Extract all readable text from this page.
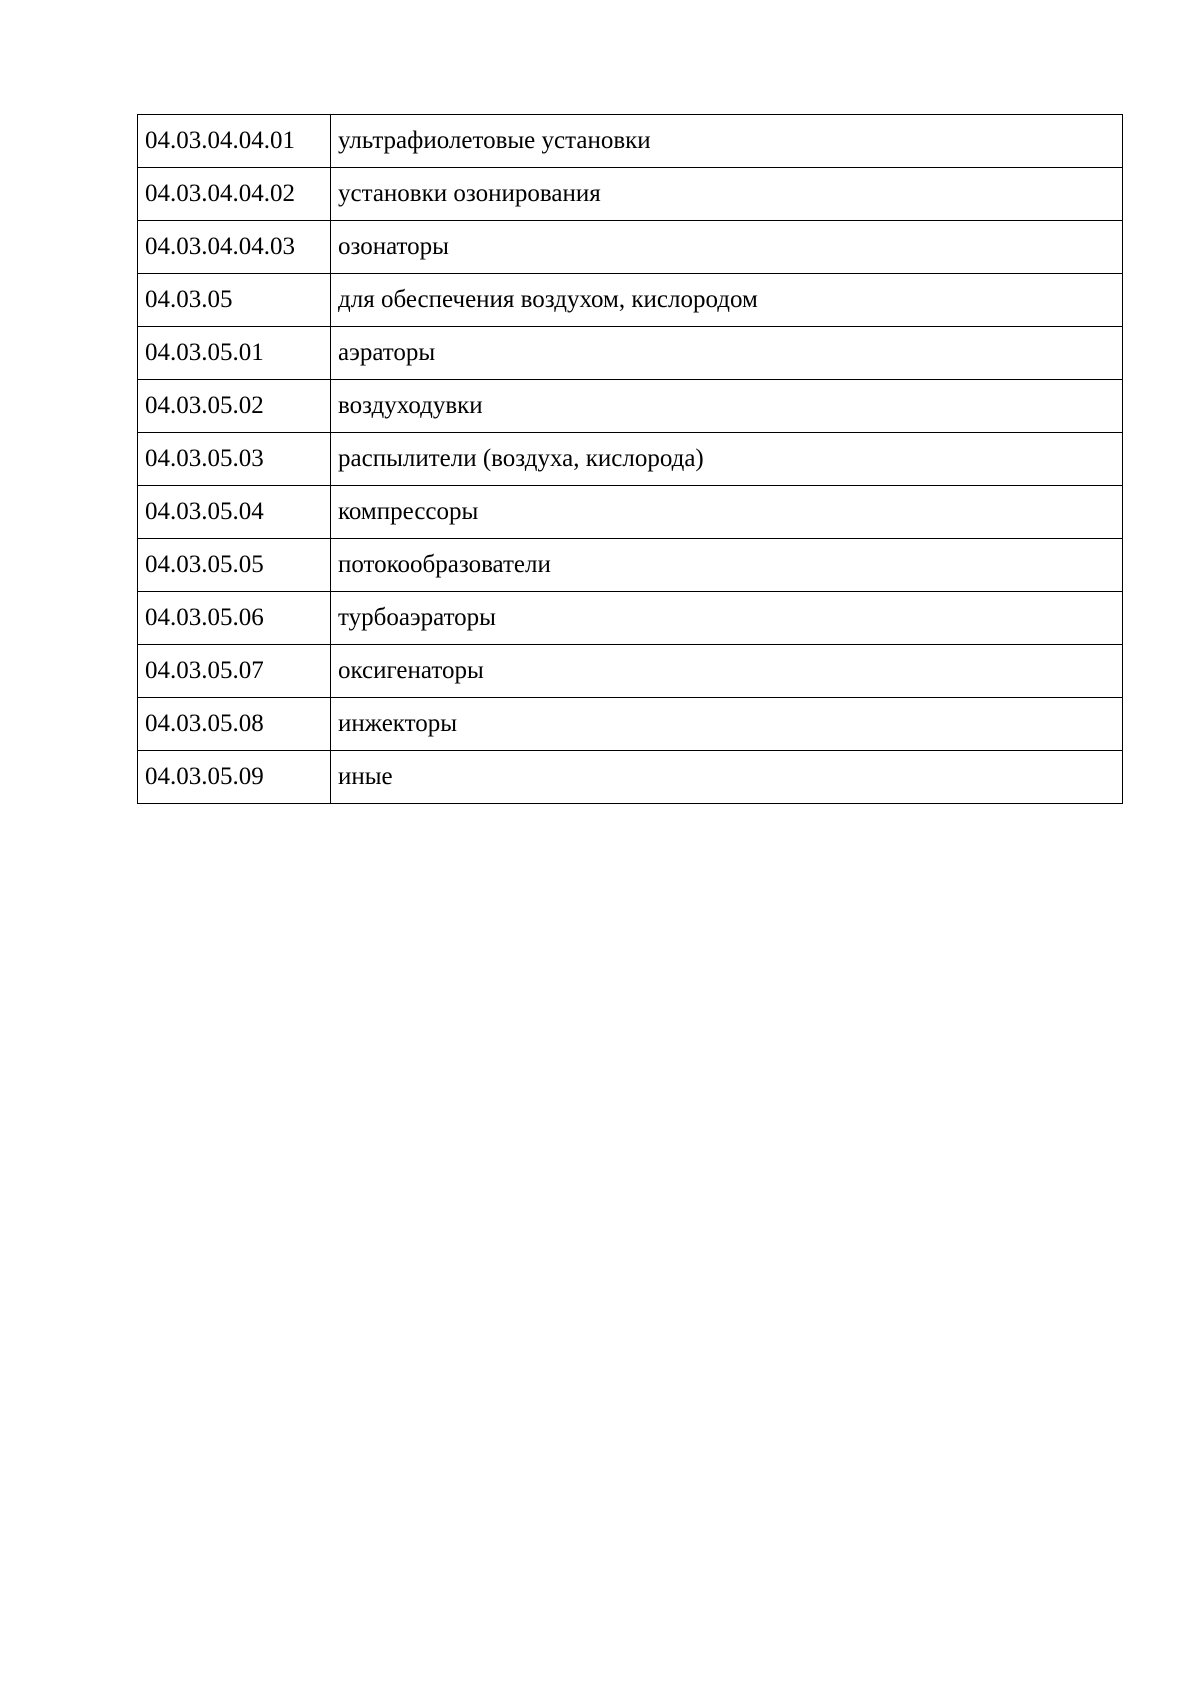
04.03.04.04.01	ультрафиолетовые установки
04.03.04.04.02	установки озонирования
04.03.04.04.03	озонаторы
04.03.05	для обеспечения воздухом, кислородом
04.03.05.01	аэраторы
04.03.05.02	воздуходувки
04.03.05.03	распылители (воздуха, кислорода)
04.03.05.04	компрессоры
04.03.05.05	потокообразователи
04.03.05.06	турбоаэраторы
04.03.05.07	оксигенаторы
04.03.05.08	инжекторы
04.03.05.09	иные
